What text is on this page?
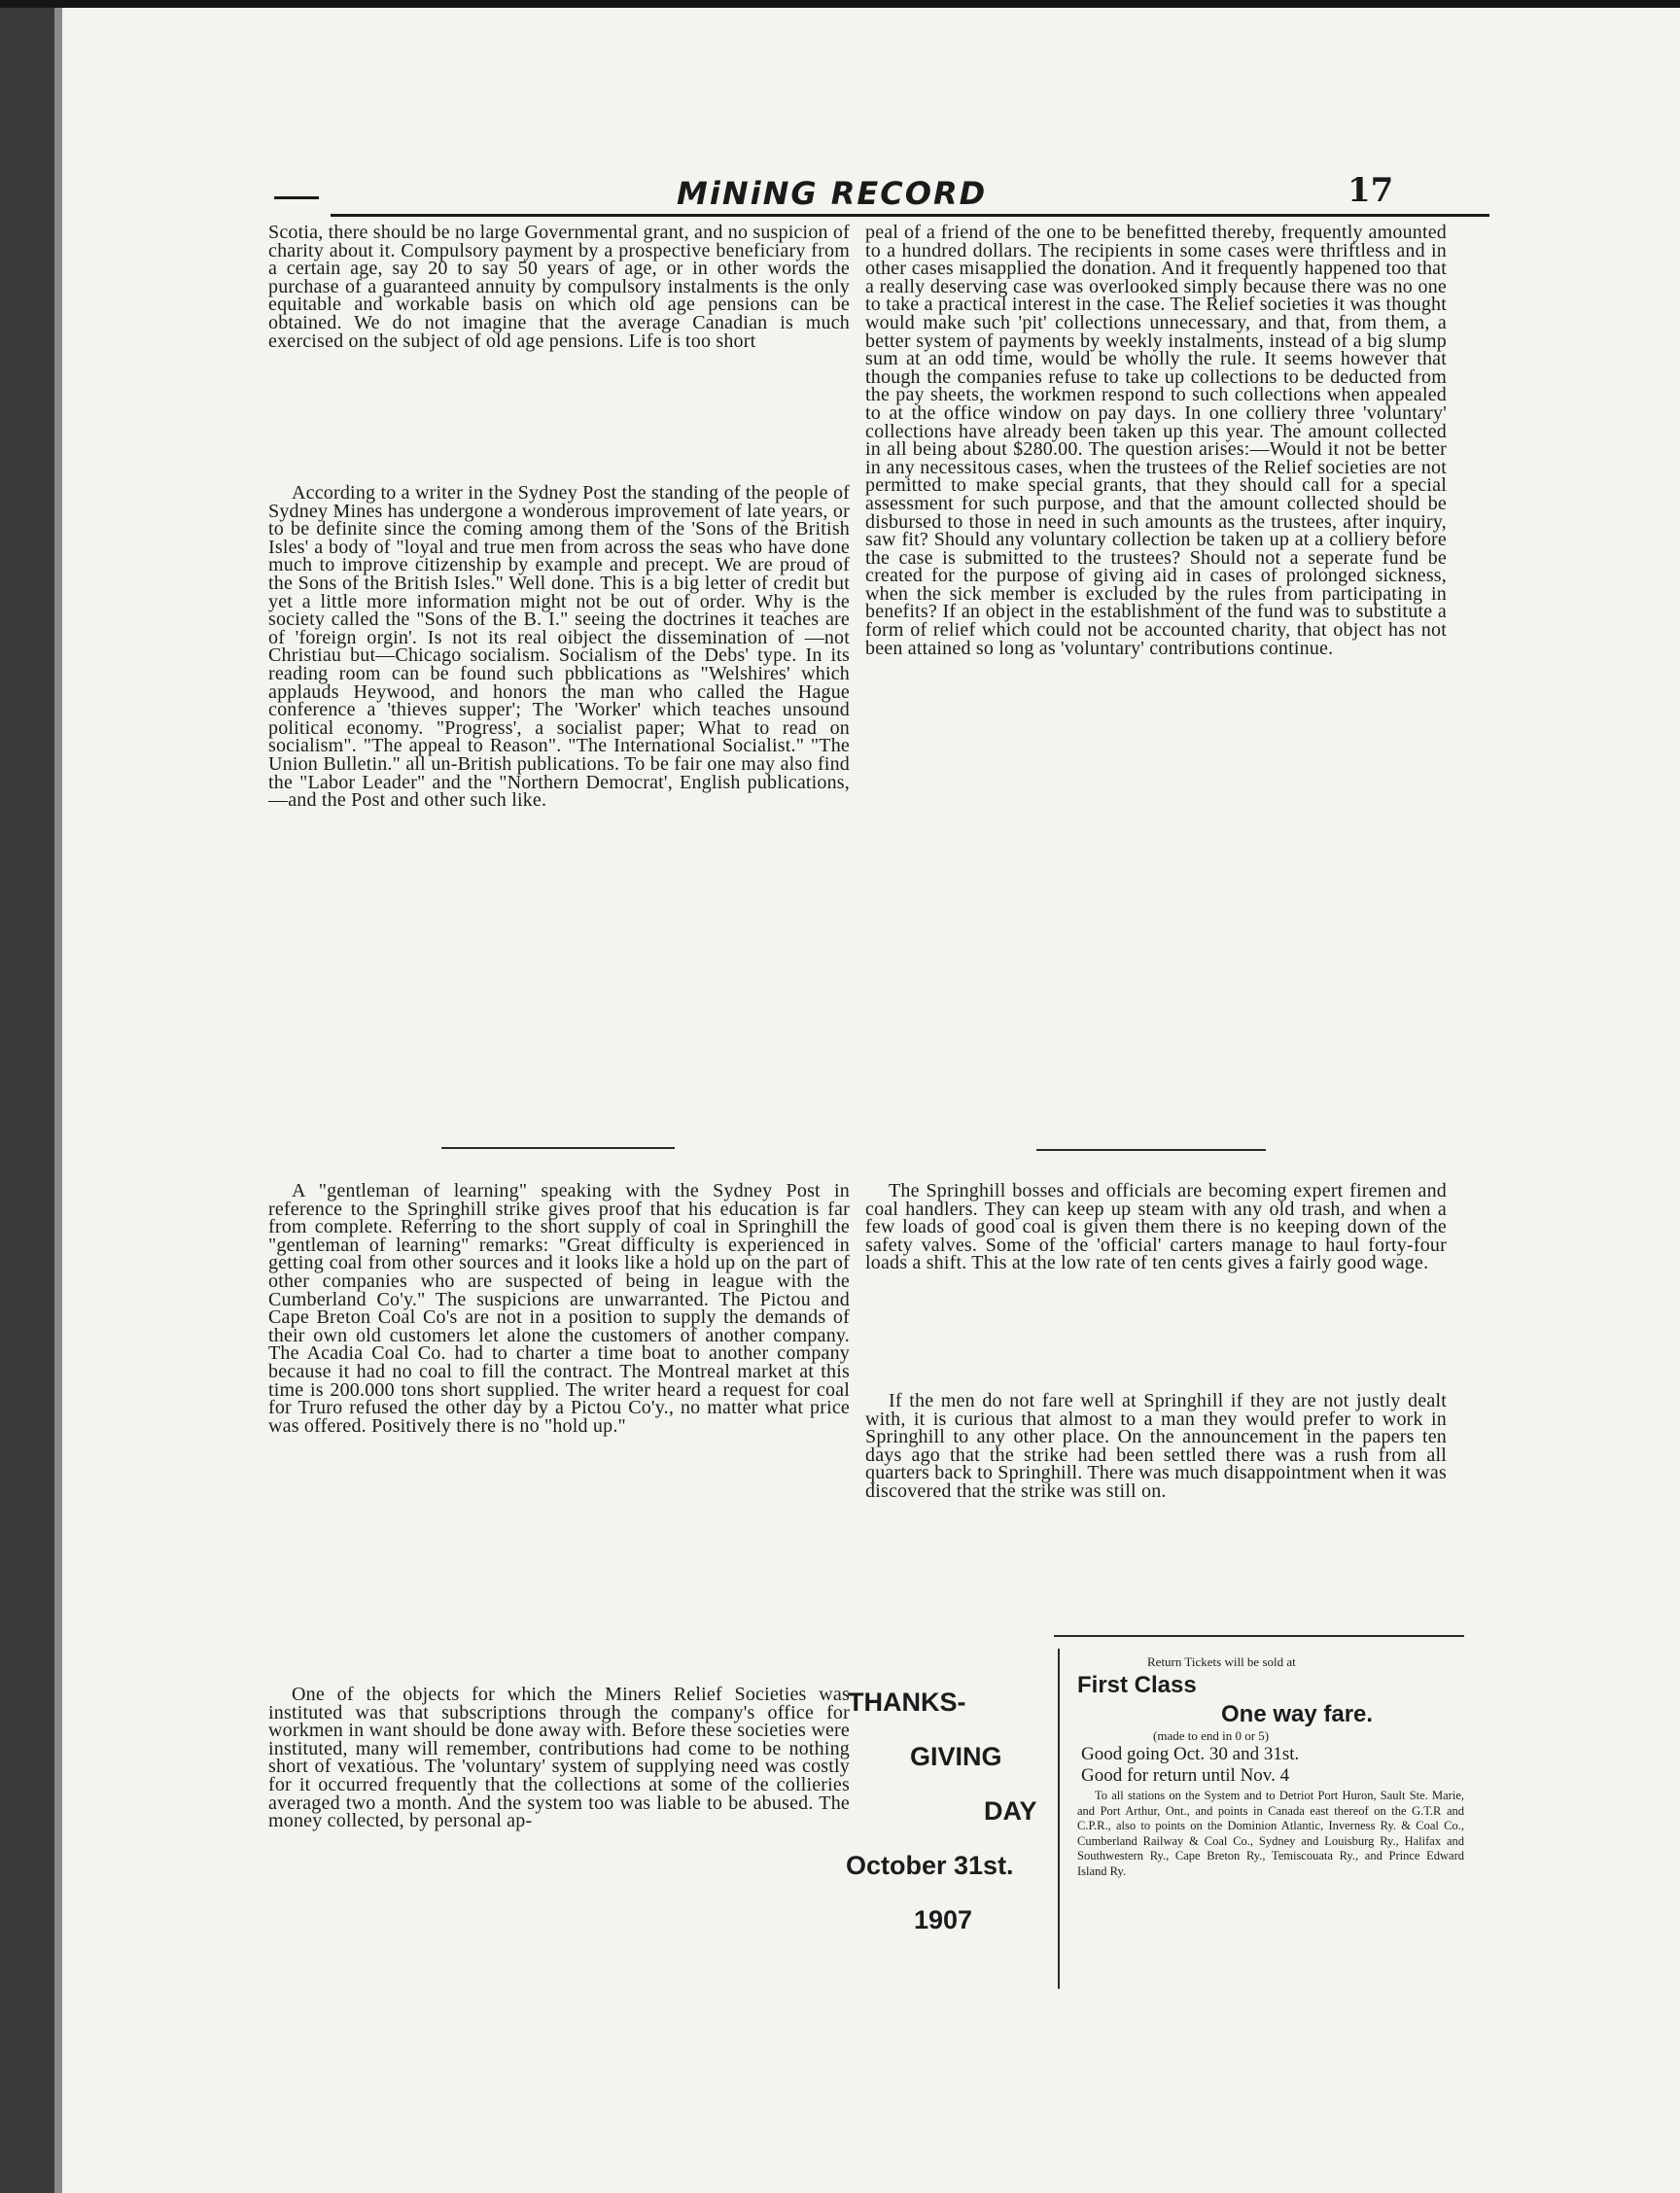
MiNiNG RECORD	17

Scotia, there should be no large Governmental grant, and no suspicion of charity about it. Compulsory payment by a prospective beneficiary from a certain age, say 20 to say 50 years of age, or in other words the purchase of a guaranteed annuity by compulsory instalments is the only equitable and workable basis on which old age pensions can be obtained. We do not imagine that the average Canadian is much exercised on the subject of old age pensions. Life is too short

According to a writer in the Sydney Post the standing of the people of Sydney Mines has undergone a wonderous improvement of late years, or to be definite since the coming among them of the 'Sons of the British Isles' a body of "loyal and true men from across the seas who have done much to improve citizenship by example and precept. We are proud of the Sons of the British Isles." Well done. This is a big letter of credit but yet a little more information might not be out of order. Why is the society called the "Sons of the B. I." seeing the doctrines it teaches are of 'foreign orgin'. Is not its real oibject the dissemination of —not Christiau but—Chicago socialism. Socialism of the Debs' type. In its reading room can be found such pbblications as "Welshires' which applauds Heywood, and honors the man who called the Hague conference a 'thieves supper'; The 'Worker' which teaches unsound political economy. "Progress', a socialist paper; What to read on socialism". "The appeal to Reason". "The International Socialist." "The Union Bulletin." all un-British publications. To be fair one may also find the "Labor Leader" and the "Northern Democrat', English publications,—and the Post and other such like.

peal of a friend of the one to be benefitted thereby, frequently amounted to a hundred dollars. The recipients in some cases were thriftless and in other cases misapplied the donation. And it frequently happened too that a really deserving case was overlooked simply because there was no one to take a practical interest in the case. The Relief societies it was thought would make such 'pit' collections unnecessary, and that, from them, a better system of payments by weekly instalments, instead of a big slump sum at an odd time, would be wholly the rule. It seems however that though the companies refuse to take up collections to be deducted from the pay sheets, the workmen respond to such collections when appealed to at the office window on pay days. In one colliery three 'voluntary' collections have already been taken up this year. The amount collected in all being about $280.00. The question arises:—Would it not be better in any necessitous cases, when the trustees of the Relief societies are not permitted to make special grants, that they should call for a special assessment for such purpose, and that the amount collected should be disbursed to those in need in such amounts as the trustees, after inquiry, saw fit? Should any voluntary collection be taken up at a colliery before the case is submitted to the trustees? Should not a seperate fund be created for the purpose of giving aid in cases of prolonged sickness, when the sick member is excluded by the rules from participating in benefits? If an object in the establishment of the fund was to substitute a form of relief which could not be accounted charity, that object has not been attained so long as 'voluntary' contributions continue.

A "gentleman of learning" speaking with the Sydney Post in reference to the Springhill strike gives proof that his education is far from complete. Referring to the short supply of coal in Springhill the "gentleman of learning" remarks: "Great difficulty is experienced in getting coal from other sources and it looks like a hold up on the part of other companies who are suspected of being in league with the Cumberland Co'y." The suspicions are unwarranted. The Pictou and Cape Breton Coal Co's are not in a position to supply the demands of their own old customers let alone the customers of another company. The Acadia Coal Co. had to charter a time boat to another company because it had no coal to fill the contract. The Montreal market at this time is 200.000 tons short supplied. The writer heard a request for coal for Truro refused the other day by a Pictou Co'y., no matter what price was offered. Positively there is no "hold up."

One of the objects for which the Miners Relief Societies was instituted was that subscriptions through the company's office for workmen in want should be done away with. Before these societies were instituted, many will remember, contributions had come to be nothing short of vexatious. The 'voluntary' system of supplying need was costly for it occurred frequently that the collections at some of the collieries averaged two a month. And the system too was liable to be abused. The money collected, by personal ap-

The Springhill bosses and officials are becoming expert firemen and coal handlers. They can keep up steam with any old trash, and when a few loads of good coal is given them there is no keeping down of the safety valves. Some of the 'official' carters manage to haul forty-four loads a shift. This at the low rate of ten cents gives a fairly good wage.

If the men do not fare well at Springhill if they are not justly dealt with, it is curious that almost to a man they would prefer to work in Springhill to any other place. On the announcement in the papers ten days ago that the strike had been settled there was a rush from all quarters back to Springhill. There was much disappointment when it was discovered that the strike was still on.

THANKS-
GIVING
DAY
October 31st.
1907
Return Tickets will be sold at
First Class
One way fare.
(made to end in 0 or 5)
Good going Oct. 30 and 31st.
Good for return until Nov. 4

To all stations on the System and to Detriot Port Huron, Sault Ste. Marie, and Port Arthur, Ont., and points in Canada east thereof on the G.T.R and C.P.R., also to points on the Dominion Atlantic, Inverness Ry. & Coal Co., Cumberland Railway & Coal Co., Sydney and Louisburg Ry., Halifax and Southwestern Ry., Cape Breton Ry., Temiscouata Ry., and Prince Edward Island Ry.
